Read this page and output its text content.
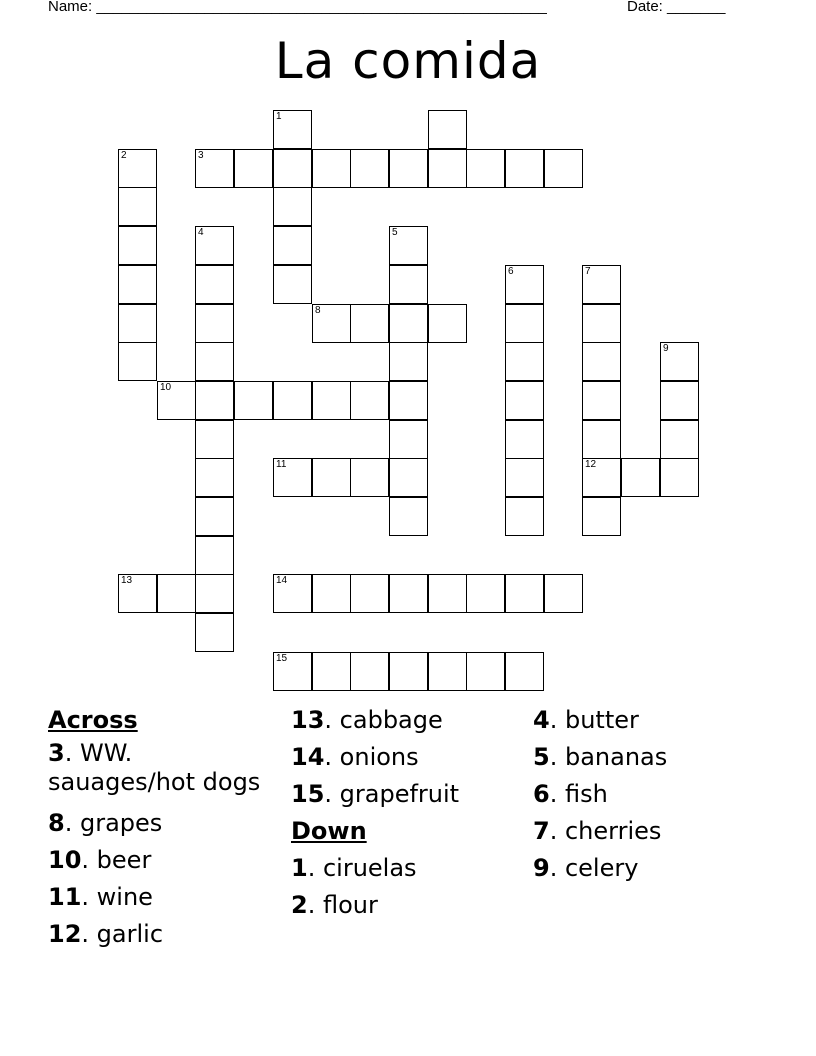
Name: ______________________________________________________	Date: _______
La comida
1
2	3
4	5
6	7
8
9
10
11	12
13	14
15
Across
3. WW. sauages/hot dogs
8. grapes
10. beer
11. wine
12. garlic
13. cabbage
14. onions
15. grapefruit
Down
1. ciruelas
2. flour
4. butter
5. bananas
6. fish
7. cherries
9. celery
